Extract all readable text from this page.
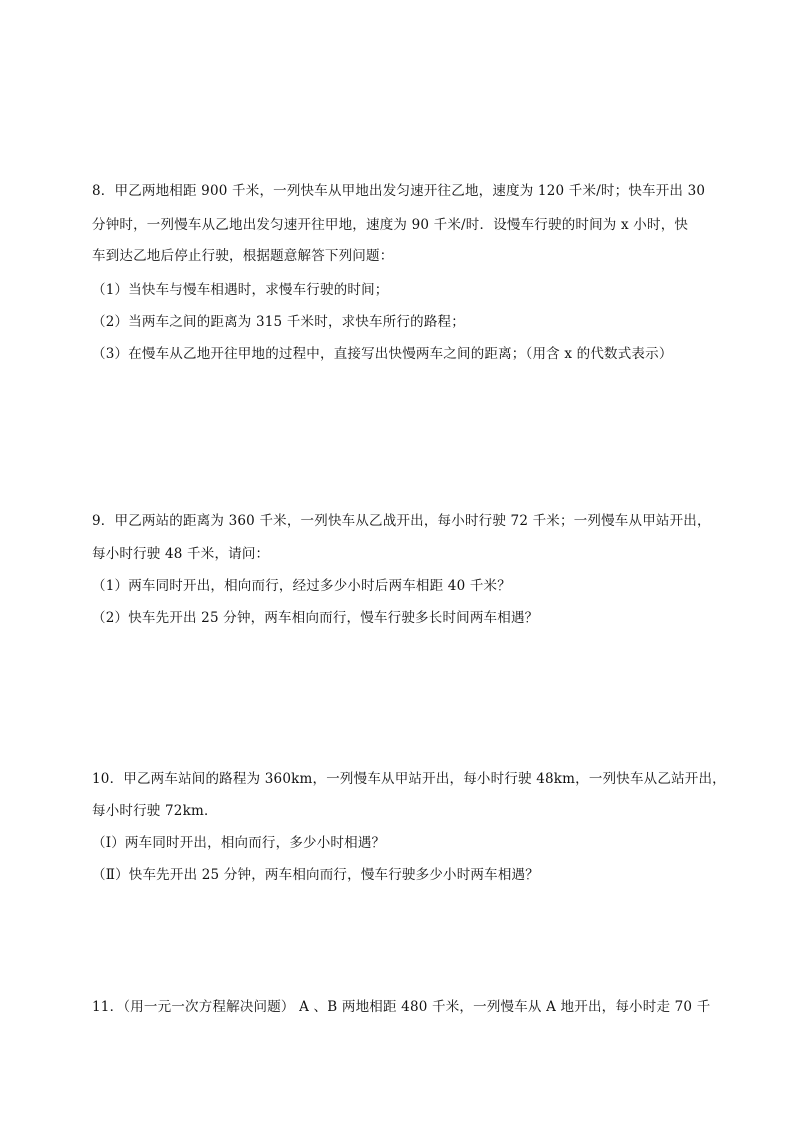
8．甲乙两地相距 900 千米，一列快车从甲地出发匀速开往乙地，速度为 120 千米/时；快车开出 30
分钟时，一列慢车从乙地出发匀速开往甲地，速度为 90 千米/时．设慢车行驶的时间为 x 小时，快
车到达乙地后停止行驶，根据题意解答下列问题：
（1）当快车与慢车相遇时，求慢车行驶的时间；
（2）当两车之间的距离为 315 千米时，求快车所行的路程；
（3）在慢车从乙地开往甲地的过程中，直接写出快慢两车之间的距离；（用含 x 的代数式表示）
9．甲乙两站的距离为 360 千米，一列快车从乙战开出，每小时行驶 72 千米；一列慢车从甲站开出，
每小时行驶 48 千米，请问：
（1）两车同时开出，相向而行，经过多少小时后两车相距 40 千米？
（2）快车先开出 25 分钟，两车相向而行，慢车行驶多长时间两车相遇？
10．甲乙两车站间的路程为 360km，一列慢车从甲站开出，每小时行驶 48km，一列快车从乙站开出，
每小时行驶 72km．
（Ⅰ）两车同时开出，相向而行，多少小时相遇？
（Ⅱ）快车先开出 25 分钟，两车相向而行，慢车行驶多少小时两车相遇？
11．（用一元一次方程解决问题） A 、B 两地相距 480 千米，一列慢车从 A 地开出，每小时走 70 千
